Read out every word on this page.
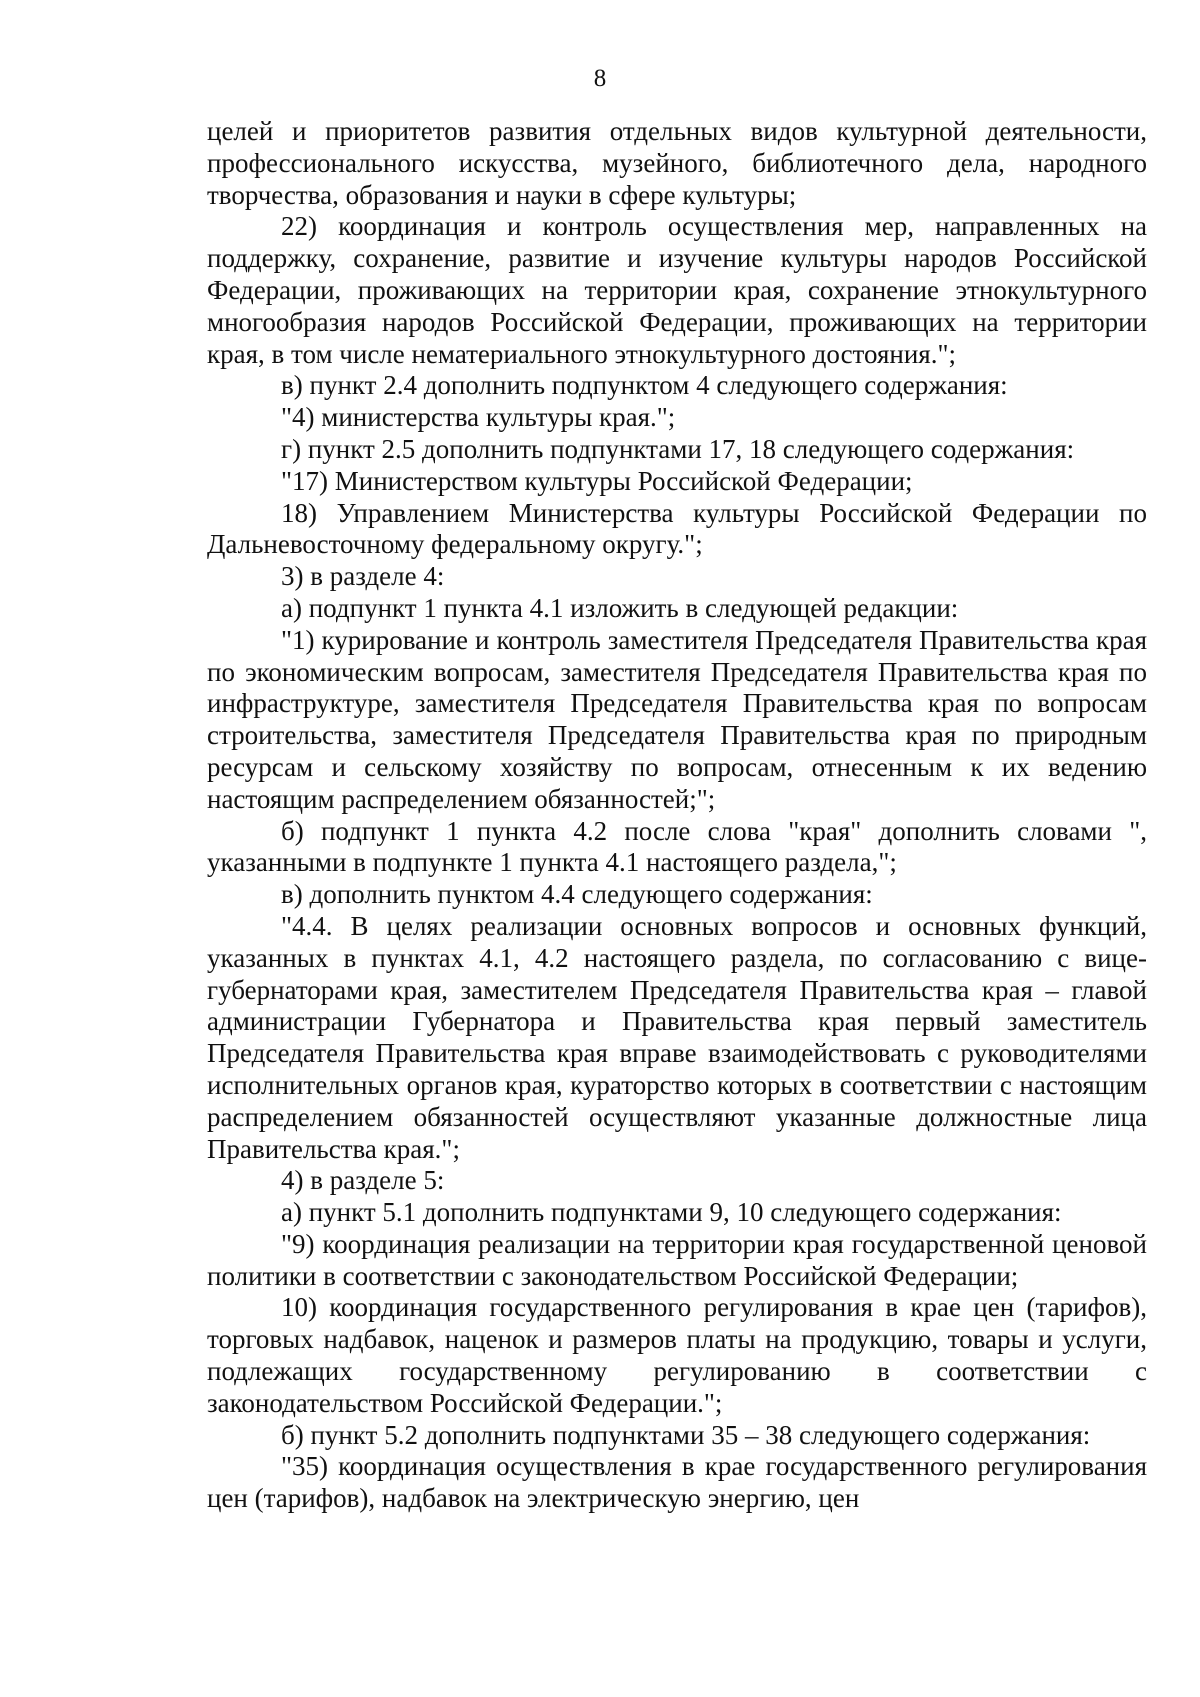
8

целей и приоритетов развития отдельных видов культурной деятельности, профессионального искусства, музейного, библиотечного дела, народного творчества, образования и науки в сфере культуры;

22) координация и контроль осуществления мер, направленных на поддержку, сохранение, развитие и изучение культуры народов Российской Федерации, проживающих на территории края, сохранение этнокультурного многообразия народов Российской Федерации, проживающих на территории края, в том числе нематериального этнокультурного достояния.";

в) пункт 2.4 дополнить подпунктом 4 следующего содержания:

"4) министерства культуры края.";

г) пункт 2.5 дополнить подпунктами 17, 18 следующего содержания:

"17) Министерством культуры Российской Федерации;

18) Управлением Министерства культуры Российской Федерации по Дальневосточному федеральному округу.";

3) в разделе 4:

а) подпункт 1 пункта 4.1 изложить в следующей редакции:

"1) курирование и контроль заместителя Председателя Правительства края по экономическим вопросам, заместителя Председателя Правительства края по инфраструктуре, заместителя Председателя Правительства края по вопросам строительства, заместителя Председателя Правительства края по природным ресурсам и сельскому хозяйству по вопросам, отнесенным к их ведению настоящим распределением обязанностей;";

б) подпункт 1 пункта 4.2 после слова "края" дополнить словами ", указанными в подпункте 1 пункта 4.1 настоящего раздела,";

в) дополнить пунктом 4.4 следующего содержания:

"4.4. В целях реализации основных вопросов и основных функций, указанных в пунктах 4.1, 4.2 настоящего раздела, по согласованию с вице-губернаторами края, заместителем Председателя Правительства края – главой администрации Губернатора и Правительства края первый заместитель Председателя Правительства края вправе взаимодействовать с руководителями исполнительных органов края, кураторство которых в соответствии с настоящим распределением обязанностей осуществляют указанные должностные лица Правительства края.";

4) в разделе 5:

а) пункт 5.1 дополнить подпунктами 9, 10 следующего содержания:

"9) координация реализации на территории края государственной ценовой политики в соответствии с законодательством Российской Федерации;

10) координация государственного регулирования в крае цен (тарифов), торговых надбавок, наценок и размеров платы на продукцию, товары и услуги, подлежащих государственному регулированию в соответствии с законодательством Российской Федерации.";

б) пункт 5.2 дополнить подпунктами 35 – 38 следующего содержания:

"35) координация осуществления в крае государственного регулирования цен (тарифов), надбавок на электрическую энергию, цен
